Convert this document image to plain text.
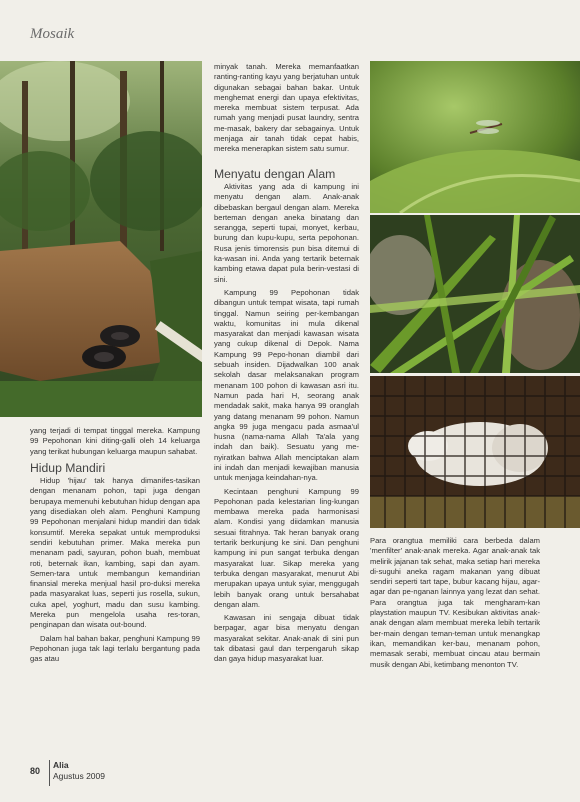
Mosaik

yang terjadi di tempat tinggal mereka. Kampung 99 Pepohonan kini diting-galli oleh 14 keluarga yang terikat hubungan keluarga maupun sahabat.

Hidup Mandiri

Hidup 'hijau' tak hanya dimanifes-tasikan dengan menanam pohon, tapi juga dengan berupaya memenuhi kebutuhan hidup dengan apa yang disediakan oleh alam. Penghuni Kampung 99 Pepohonan menjalani hidup mandiri dan tidak konsumtif. Mereka sepakat untuk memproduksi sendiri kebutuhan primer. Maka mereka pun menanam padi, sayuran, pohon buah, membuat roti, beternak ikan, kambing, sapi dan ayam. Semen-tara untuk membangun kemandirian finansial mereka menjual hasil pro-duksi mereka pada masyarakat luas, seperti jus rosella, sukun, cuka apel, yoghurt, madu dan susu kambing. Mereka pun mengelola usaha res-toran, penginapan dan wisata out-bound.

Dalam hal bahan bakar, penghuni Kampung 99 Pepohonan juga tak lagi terlalu bergantung pada gas atau

minyak tanah. Mereka memanfaatkan ranting-ranting kayu yang berjatuhan untuk digunakan sebagai bahan bakar. Untuk menghemat energi dan upaya efektivitas, mereka membuat sistem terpusat. Ada rumah yang menjadi pusat laundry, sentra me-masak, bakery dar sebagainya. Untuk menjaga air tanah tidak cepat habis, mereka menerapkan sistem satu sumur.

Menyatu dengan Alam

Aktivitas yang ada di kampung ini menyatu dengan alam. Anak-anak dibebaskan bergaul dengan alam. Mereka berteman dengan aneka binatang dan serangga, seperti tupai, monyet, kerbau, burung dan kupu-kupu, serta pepohonan. Rusa jenis timorensis pun bisa ditemui di ka-wasan ini. Anda yang tertarik beternak kambing etawa dapat pula berin-vestasi di sini.

Kampung 99 Pepohonan tidak dibangun untuk tempat wisata, tapi rumah tinggal. Namun seiring per-kembangan waktu, komunitas ini mula dikenal masyarakat dan menjadi kawasan wisata yang cukup dikenal di Depok. Nama Kampung 99 Pepo-honan diambil dari sebuah insiden. Dijadwalkan 100 anak sekolah dasar melaksanakan program menanam 100 pohon di kawasan asri itu. Namun pada hari H, seorang anak mendadak sakit, maka hanya 99 oranglah yang datang menanam 99 pohon. Namun angka 99 juga mengacu pada asmaa'ul husna (nama-nama Allah Ta'ala yang indah dan baik). Sesuatu yang me-nyiratkan bahwa Allah menciptakan alam ini indah dan menjadi kewajiban manusia untuk menjaga keindahan-nya.

Kecintaan penghuni Kampung 99 Pepohonan pada kelestarian ling-kungan membawa mereka pada harmonisasi alam. Kondisi yang diidamkan manusia sesuai fitrahnya. Tak heran banyak orang tertarik berkunjung ke sini. Dan penghuni kampung ini pun sangat terbuka dengan masyarakat luar. Sikap mereka yang terbuka dengan masyarakat, menurut Abi merupakan upaya untuk syiar, menggugah lebih banyak orang untuk bersahabat dengan alam.

Kawasan ini sengaja dibuat tidak berpagar, agar bisa menyatu dengan masyarakat sekitar. Anak-anak di sini pun tak dibatasi gaul dan terpengaruh sikap dan gaya hidup masyarakat luar.

Para orangtua memiliki cara berbeda dalam 'menfilter' anak-anak mereka. Agar anak-anak tak melirik jajanan tak sehat, maka setiap hari mereka di-suguhi aneka ragam makanan yang dibuat sendiri seperti tart tape, bubur kacang hijau, agar-agar dan pe-nganan lainnya yang lezat dan sehat. Para orangtua juga tak mengharam-kan playstation maupun TV. Kesibukan aktivitas anak-anak dengan alam membuat mereka lebih tertarik ber-main dengan teman-teman untuk menangkap ikan, memandikan ker-bau, menanam pohon, memasak serabi, membuat cincau atau bermain musik dengan Abi, ketimbang menonton TV.

80
Alia
Agustus 2009
